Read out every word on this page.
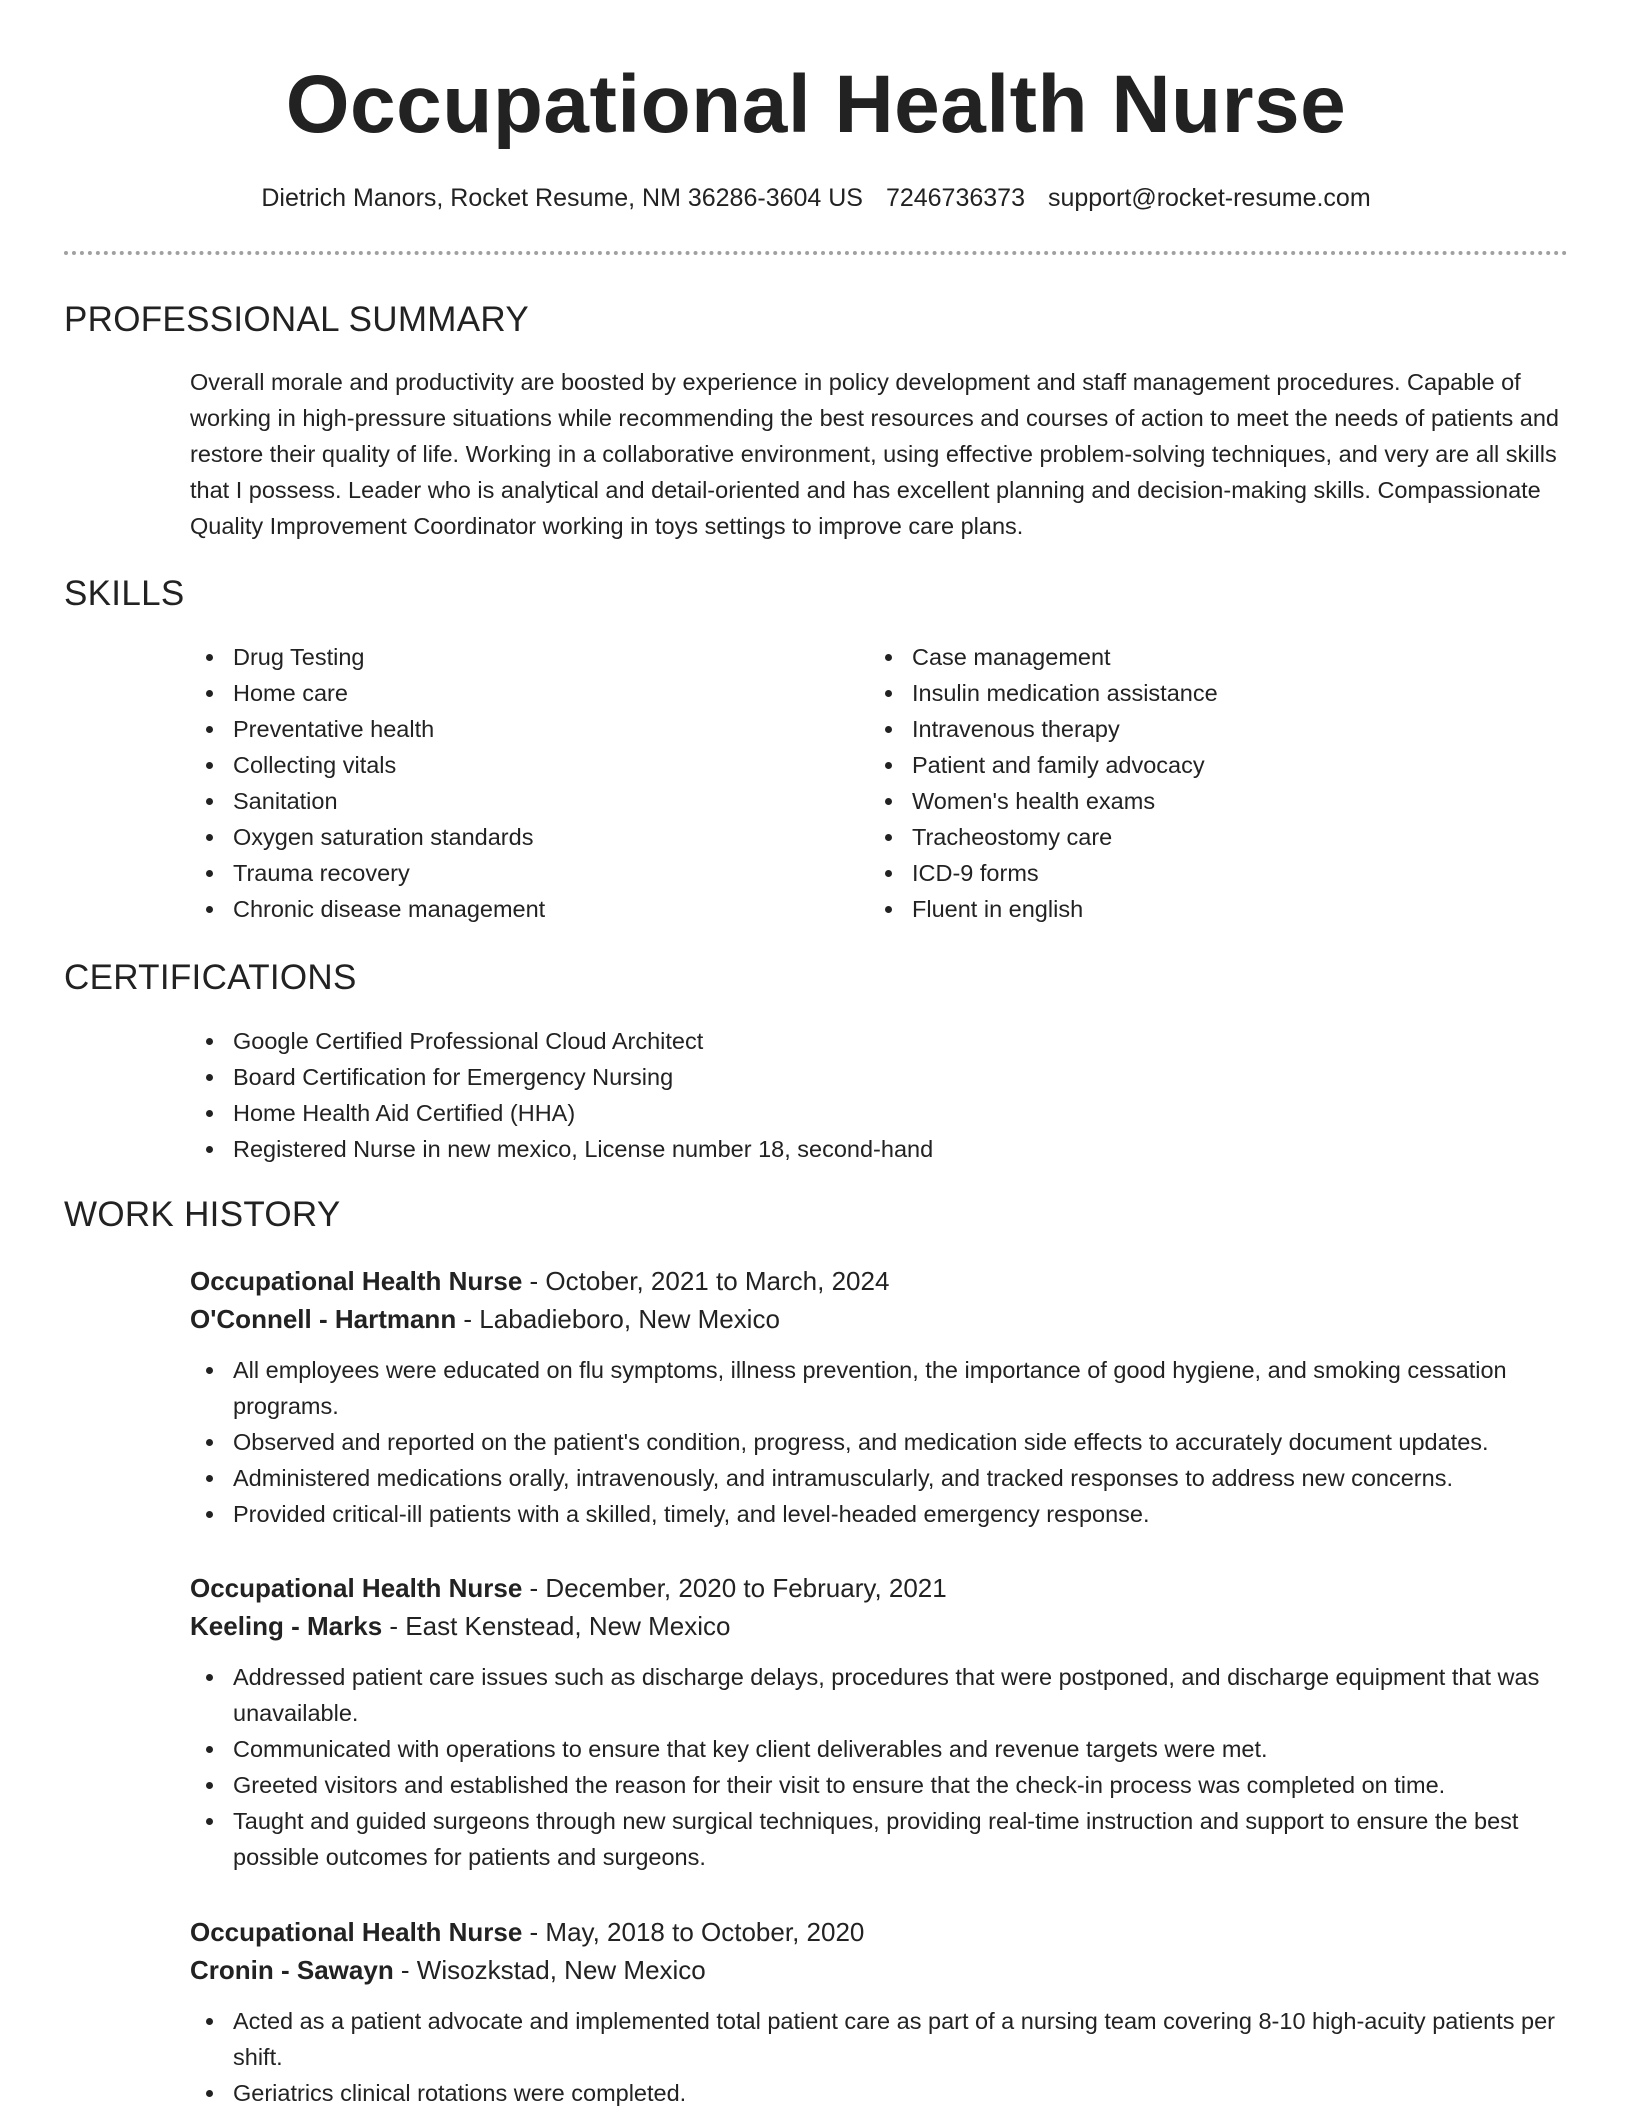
Occupational Health Nurse
Dietrich Manors, Rocket Resume, NM 36286-3604 US 7246736373 support@rocket-resume.com
PROFESSIONAL SUMMARY

Overall morale and productivity are boosted by experience in policy development and staff management procedures. Capable of working in high-pressure situations while recommending the best resources and courses of action to meet the needs of patients and restore their quality of life. Working in a collaborative environment, using effective problem-solving techniques, and very are all skills that I possess. Leader who is analytical and detail-oriented and has excellent planning and decision-making skills. Compassionate Quality Improvement Coordinator working in toys settings to improve care plans.

SKILLS
Drug Testing
Home care
Preventative health
Collecting vitals
Sanitation
Oxygen saturation standards
Trauma recovery
Chronic disease management
Case management
Insulin medication assistance
Intravenous therapy
Patient and family advocacy
Women's health exams
Tracheostomy care
ICD-9 forms
Fluent in english
CERTIFICATIONS
Google Certified Professional Cloud Architect
Board Certification for Emergency Nursing
Home Health Aid Certified (HHA)
Registered Nurse in new mexico, License number 18, second-hand
WORK HISTORY

Occupational Health Nurse - October, 2021 to March, 2024

O'Connell - Hartmann - Labadieboro, New Mexico

All employees were educated on flu symptoms, illness prevention, the importance of good hygiene, and smoking cessation programs.
Observed and reported on the patient's condition, progress, and medication side effects to accurately document updates.
Administered medications orally, intravenously, and intramuscularly, and tracked responses to address new concerns.
Provided critical-ill patients with a skilled, timely, and level-headed emergency response.

Occupational Health Nurse - December, 2020 to February, 2021

Keeling - Marks - East Kenstead, New Mexico

Addressed patient care issues such as discharge delays, procedures that were postponed, and discharge equipment that was unavailable.
Communicated with operations to ensure that key client deliverables and revenue targets were met.
Greeted visitors and established the reason for their visit to ensure that the check-in process was completed on time.
Taught and guided surgeons through new surgical techniques, providing real-time instruction and support to ensure the best possible outcomes for patients and surgeons.

Occupational Health Nurse - May, 2018 to October, 2020

Cronin - Sawayn - Wisozkstad, New Mexico

Acted as a patient advocate and implemented total patient care as part of a nursing team covering 8-10 high-acuity patients per shift.
Geriatrics clinical rotations were completed.
